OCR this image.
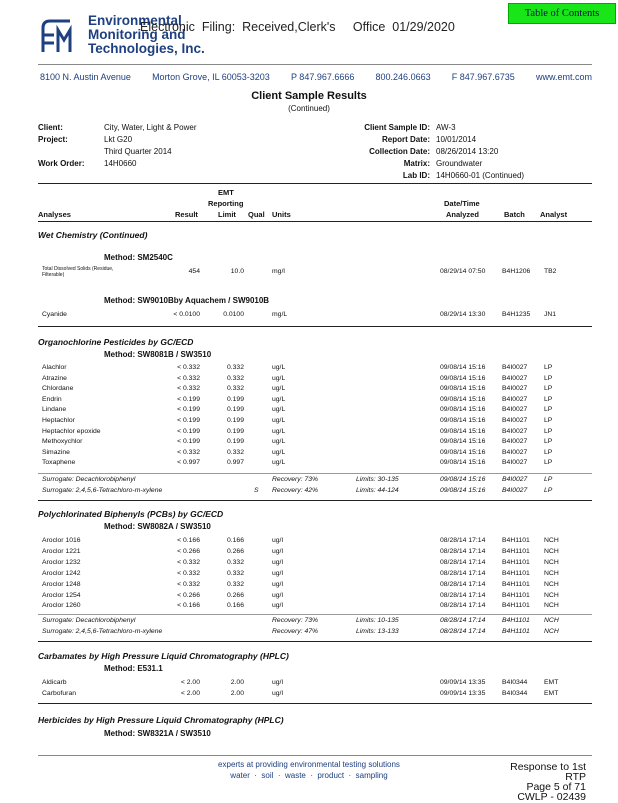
Environmental
Monitoring and
Technologies, Inc.
Electronic  Filing:  Received,Clerk's     Office  01/29/2020
Table of Contents
8100 N. Austin Avenue Morton Grove, IL 60053-3203 P 847.967.6666 800.246.0663 F 847.967.6735 www.emt.com
Client Sample Results
(Continued)
Client:	City, Water, Light & Power
Project:	Lkt G20
Third Quarter 2014
Work Order: 14H0660
Client Sample ID: AW-3
Report Date: 10/01/2014
Collection Date: 08/26/2014 13:20
Matrix: Groundwater
Lab ID: 14H0660-01 (Continued)
EMT
Reporting	Date/Time
Analyses	Result	Limit Qual Units	Analyzed	Batch Analyst
Wet Chemistry (Continued)
Method: SM2540C
Total Dissolved Solids (Residue, Filterable)	454	10.0	mg/l	08/29/14 07:50 B4H1206 TB2
Method: SW9010Bby Aquachem / SW9010B
Cyanide	< 0.0100	0.0100	mg/L	08/29/14 13:30 B4H1235 JN1
Organochlorine Pesticides by GC/ECD
Method: SW8081B / SW3510
Alachlor	< 0.332	0.332	ug/L	09/08/14 15:16 B4I0027 LP
Atrazine	< 0.332	0.332	ug/L	09/08/14 15:16 B4I0027 LP
Chlordane	< 0.332	0.332	ug/L	09/08/14 15:16 B4I0027 LP
Endrin	< 0.199	0.199	ug/L	09/08/14 15:16 B4I0027 LP
Lindane	< 0.199	0.199	ug/L	09/08/14 15:16 B4I0027 LP
Heptachlor	< 0.199	0.199	ug/L	09/08/14 15:16 B4I0027 LP
Heptachlor epoxide	< 0.199	0.199	ug/L	09/08/14 15:16 B4I0027 LP
Methoxychlor	< 0.199	0.199	ug/L	09/08/14 15:16 B4I0027 LP
Simazine	< 0.332	0.332	ug/L	09/08/14 15:16 B4I0027 LP
Toxaphene	< 0.997	0.997	ug/L	09/08/14 15:16 B4I0027 LP
Surrogate: Decachlorobiphenyl	Recovery: 73%	Limits: 30-135	09/08/14 15:16 B4I0027 LP
Surrogate: 2,4,5,6-Tetrachloro-m-xylene	S Recovery: 42%	Limits: 44-124	09/08/14 15:16 B4I0027 LP
Polychlorinated Biphenyls (PCBs) by GC/ECD
Method: SW8082A / SW3510
Aroclor 1016	< 0.166	0.166	ug/l	08/28/14 17:14 B4H1101 NCH
Aroclor 1221	< 0.266	0.266	ug/l	08/28/14 17:14 B4H1101 NCH
Aroclor 1232	< 0.332	0.332	ug/l	08/28/14 17:14 B4H1101 NCH
Aroclor 1242	< 0.332	0.332	ug/l	08/28/14 17:14 B4H1101 NCH
Aroclor 1248	< 0.332	0.332	ug/l	08/28/14 17:14 B4H1101 NCH
Aroclor 1254	< 0.266	0.266	ug/l	08/28/14 17:14 B4H1101 NCH
Aroclor 1260	< 0.166	0.166	ug/l	08/28/14 17:14 B4H1101 NCH
Surrogate: Decachlorobiphenyl	Recovery: 73%	Limits: 10-135	08/28/14 17:14 B4H1101 NCH
Surrogate: 2,4,5,6-Tetrachloro-m-xylene	Recovery: 47%	Limits: 13-133	08/28/14 17:14 B4H1101 NCH
Carbamates by High Pressure Liquid Chromatography (HPLC)
Method: E531.1
Aldicarb	< 2.00	2.00	ug/l	09/09/14 13:35 B4I0344 EMT
Carbofuran	< 2.00	2.00	ug/l	09/09/14 13:35 B4I0344 EMT
Herbicides by High Pressure Liquid Chromatography (HPLC)
Method: SW8321A / SW3510
experts at providing environmental testing solutions
water  ·  soil  ·  waste  ·  product  ·  sampling
Response to 1st RTP
Page 5 of 71
CWLP - 02439
